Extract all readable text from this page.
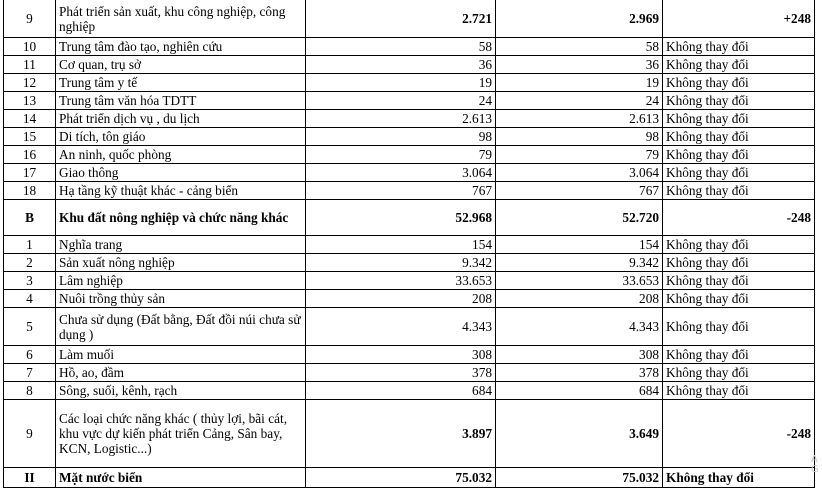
9	Phát triển sản xuất, khu công nghiệp, công nghiệp	2.721	2.969	+248
10	Trung tâm đào tạo, nghiên cứu	58	58	Không thay đổi
11	Cơ quan, trụ sở	36	36	Không thay đổi
12	Trung tâm y tế	19	19	Không thay đổi
13	Trung tâm văn hóa TDTT	24	24	Không thay đổi
14	Phát triển dịch vụ , du lịch	2.613	2.613	Không thay đổi
15	Di tích, tôn giáo	98	98	Không thay đổi
16	An ninh, quốc phòng	79	79	Không thay đổi
17	Giao thông	3.064	3.064	Không thay đổi
18	Hạ tầng kỹ thuật khác - cảng biển	767	767	Không thay đổi
B	Khu đất nông nghiệp và chức năng khác	52.968	52.720	-248
1	Nghĩa trang	154	154	Không thay đổi
2	Sản xuất nông nghiệp	9.342	9.342	Không thay đổi
3	Lâm nghiệp	33.653	33.653	Không thay đổi
4	Nuôi trồng thủy sản	208	208	Không thay đổi
5	Chưa sử dụng (Đất bằng, Đất đồi núi chưa sử dụng )	4.343	4.343	Không thay đổi
6	Làm muối	308	308	Không thay đổi
7	Hồ, ao, đầm	378	378	Không thay đổi
8	Sông, suối, kênh, rạch	684	684	Không thay đổi
9	Các loại chức năng khác ( thủy lợi, bãi cát, khu vực dự kiến phát triển Cảng, Sân bay, KCN, Logistic...)	3.897	3.649	-248
II	Mặt nước biển	75.032	75.032	Không thay đổi
A
G
